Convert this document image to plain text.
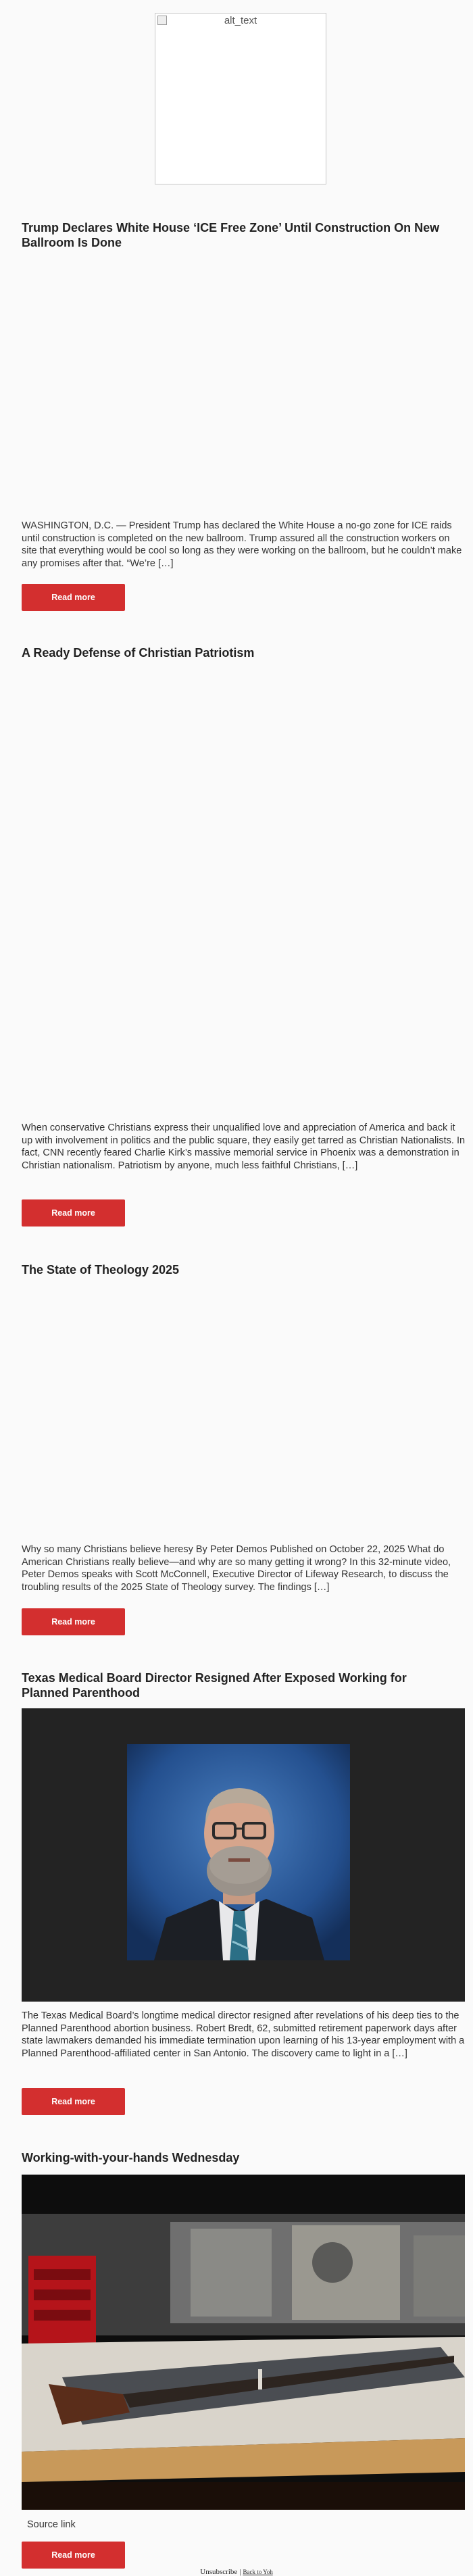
alt_text
Trump Declares White House ‘ICE Free Zone’ Until Construction On New Ballroom Is Done

WASHINGTON, D.C. — President Trump has declared the White House a no-go zone for ICE raids until construction is completed on the new ballroom. Trump assured all the construction workers on site that everything would be cool so long as they were working on the ballroom, but he couldn’t make any promises after that. “We’re […]

Read more
A Ready Defense of Christian Patriotism

When conservative Christians express their unqualified love and appreciation of America and back it up with involvement in politics and the public square, they easily get tarred as Christian Nationalists. In fact, CNN recently feared Charlie Kirk’s massive memorial service in Phoenix was a demonstration in Christian nationalism. Patriotism by anyone, much less faithful Christians, […]

Read more
The State of Theology 2025

Why so many Christians believe heresy By Peter Demos Published on October 22, 2025 What do American Christians really believe—and why are so many getting it wrong? In this 32-minute video, Peter Demos speaks with Scott McConnell, Executive Director of Lifeway Research, to discuss the troubling results of the 2025 State of Theology survey. The findings […]

Read more
Texas Medical Board Director Resigned After Exposed Working for Planned Parenthood

The Texas Medical Board’s longtime medical director resigned after revelations of his deep ties to the Planned Parenthood abortion business. Robert Bredt, 62, submitted retirement paperwork days after state lawmakers demanded his immediate termination upon learning of his 13-year employment with a Planned Parenthood-affiliated center in San Antonio. The discovery came to light in a […]

Read more
Working-with-your-hands Wednesday
Source link
Read more
Unsubscribe | Back to Yoh
